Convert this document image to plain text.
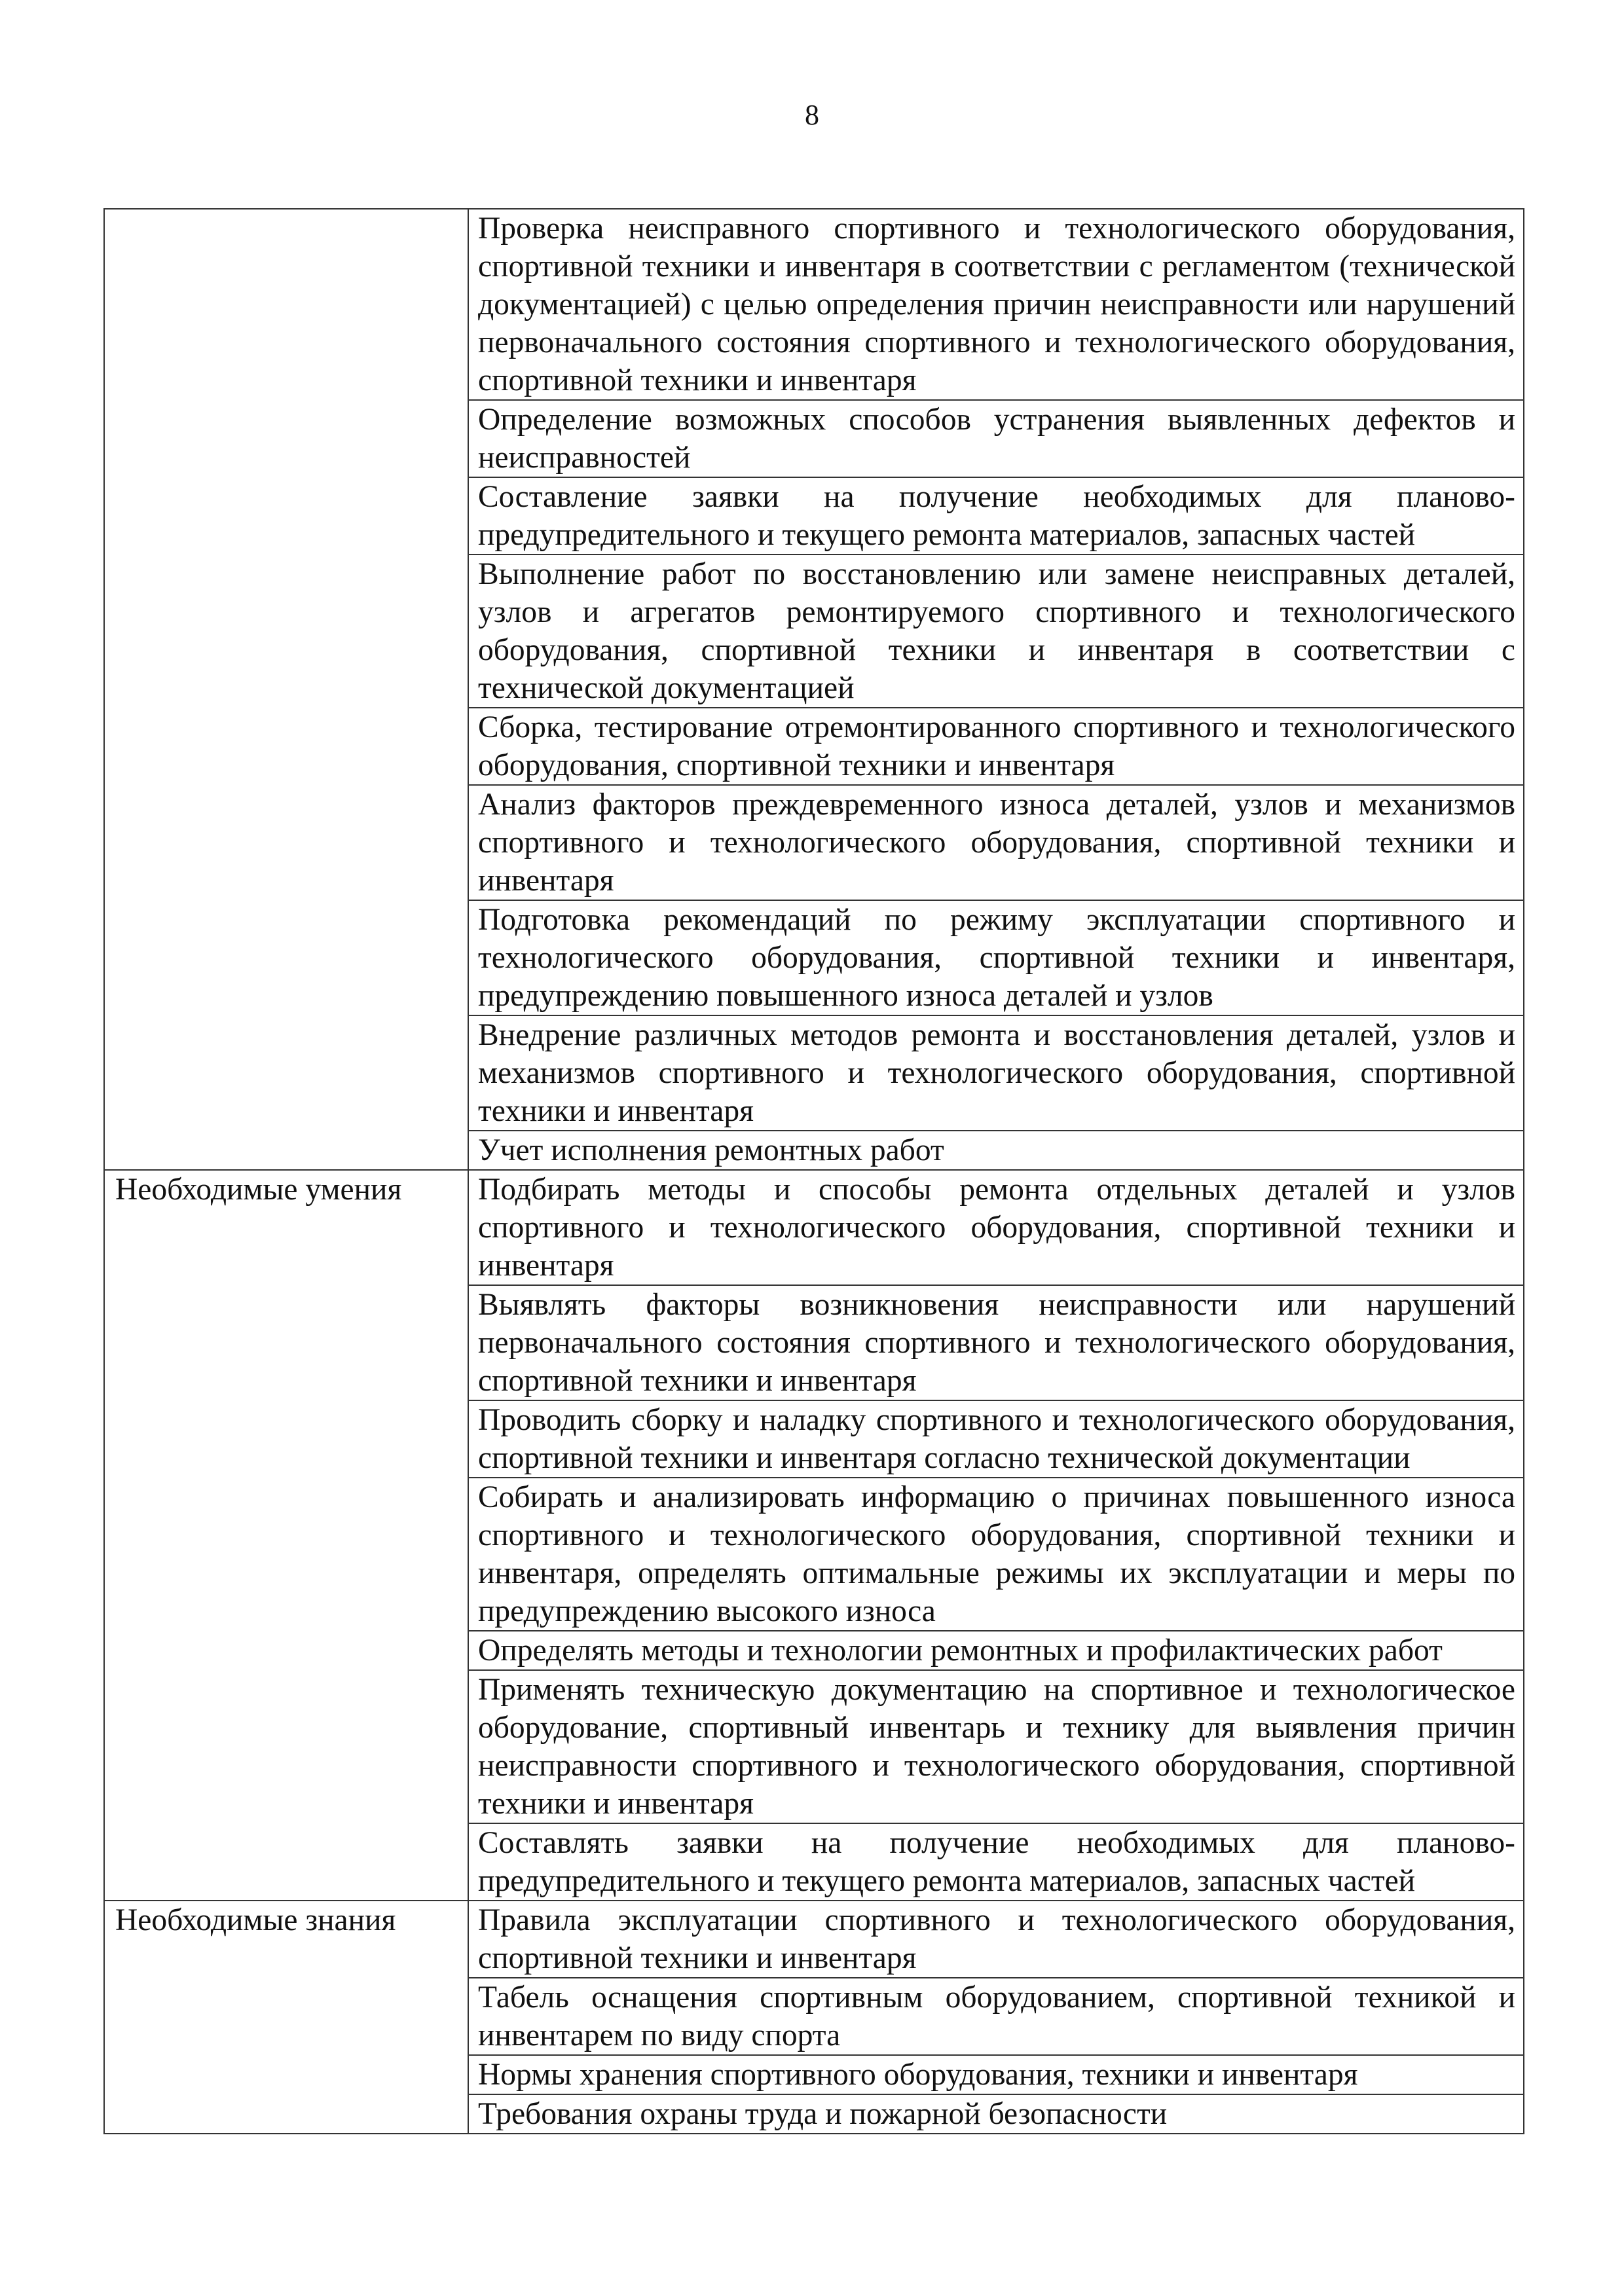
8
	Проверка неисправного спортивного и технологического оборудования, спортивной техники и инвентаря в соответствии с регламентом (технической документацией) с целью определения причин неисправности или нарушений первоначального состояния спортивного и технологического оборудования, спортивной техники и инвентаря
	Определение возможных способов устранения выявленных дефектов и неисправностей
	Составление заявки на получение необходимых для планово-предупредительного и текущего ремонта материалов, запасных частей
	Выполнение работ по восстановлению или замене неисправных деталей, узлов и агрегатов ремонтируемого спортивного и технологического оборудования, спортивной техники и инвентаря в соответствии с технической документацией
	Сборка, тестирование отремонтированного спортивного и технологического оборудования, спортивной техники и инвентаря
	Анализ факторов преждевременного износа деталей, узлов и механизмов спортивного и технологического оборудования, спортивной техники и инвентаря
	Подготовка рекомендаций по режиму эксплуатации спортивного и технологического оборудования, спортивной техники и инвентаря, предупреждению повышенного износа деталей и узлов
	Внедрение различных методов ремонта и восстановления деталей, узлов и механизмов спортивного и технологического оборудования, спортивной техники и инвентаря
	Учет исполнения ремонтных работ
Необходимые умения	Подбирать методы и способы ремонта отдельных деталей и узлов спортивного и технологического оборудования, спортивной техники и инвентаря
	Выявлять факторы возникновения неисправности или нарушений первоначального состояния спортивного и технологического оборудования, спортивной техники и инвентаря
	Проводить сборку и наладку спортивного и технологического оборудования, спортивной техники и инвентаря согласно технической документации
	Собирать и анализировать информацию о причинах повышенного износа спортивного и технологического оборудования, спортивной техники и инвентаря, определять оптимальные режимы их эксплуатации и меры по предупреждению высокого износа
	Определять методы и технологии ремонтных и профилактических работ
	Применять техническую документацию на спортивное и технологическое оборудование, спортивный инвентарь и технику для выявления причин неисправности спортивного и технологического оборудования, спортивной техники и инвентаря
	Составлять заявки на получение необходимых для планово-предупредительного и текущего ремонта материалов, запасных частей
Необходимые знания	Правила эксплуатации спортивного и технологического оборудования, спортивной техники и инвентаря
	Табель оснащения спортивным оборудованием, спортивной техникой и инвентарем по виду спорта
	Нормы хранения спортивного оборудования, техники и инвентаря
	Требования охраны труда и пожарной безопасности
